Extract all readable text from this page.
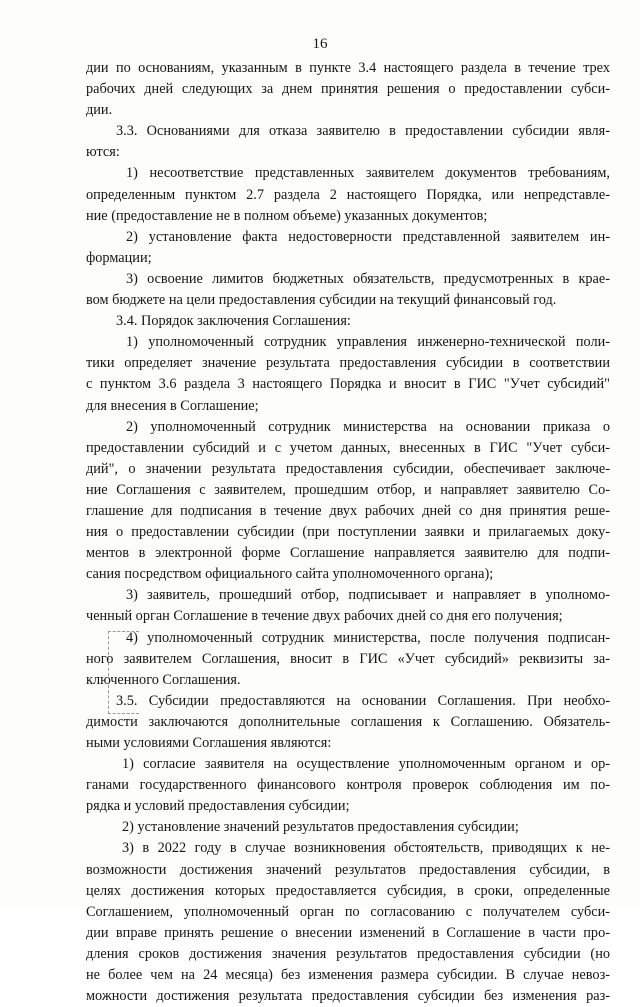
16
дии по основаниям, указанным в пункте 3.4 настоящего раздела в течение трех
рабочих дней следующих за днем принятия решения о предоставлении субси-
дии.
3.3. Основаниями для отказа заявителю в предоставлении субсидии явля-
ются:
1) несоответствие представленных заявителем документов требованиям,
определенным пунктом 2.7 раздела 2 настоящего Порядка, или непредставле-
ние (предоставление не в полном объеме) указанных документов;
2) установление факта недостоверности представленной заявителем ин-
формации;
3) освоение лимитов бюджетных обязательств, предусмотренных в крае-
вом бюджете на цели предоставления субсидии на текущий финансовый год.
3.4. Порядок заключения Соглашения:
1) уполномоченный сотрудник управления инженерно-технической поли-
тики определяет значение результата предоставления субсидии в соответствии
с пунктом 3.6 раздела 3 настоящего Порядка и вносит в ГИС "Учет субсидий"
для внесения в Соглашение;
2) уполномоченный сотрудник министерства на основании приказа о
предоставлении субсидий и с учетом данных, внесенных в ГИС "Учет субси-
дий", о значении результата предоставления субсидии, обеспечивает заключе-
ние Соглашения с заявителем, прошедшим отбор, и направляет заявителю Со-
глашение для подписания в течение двух рабочих дней со дня принятия реше-
ния о предоставлении субсидии (при поступлении заявки и прилагаемых доку-
ментов в электронной форме Соглашение направляется заявителю для подпи-
сания посредством официального сайта уполномоченного органа);
3) заявитель, прошедший отбор, подписывает и направляет в уполномо-
ченный орган Соглашение в течение двух рабочих дней со дня его получения;
4) уполномоченный сотрудник министерства, после получения подписан-
ного заявителем Соглашения, вносит в ГИС «Учет субсидий» реквизиты за-
ключенного Соглашения.
3.5. Субсидии предоставляются на основании Соглашения. При необхо-
димости заключаются дополнительные соглашения к Соглашению. Обязатель-
ными условиями Соглашения являются:
1) согласие заявителя на осуществление уполномоченным органом и ор-
ганами государственного финансового контроля проверок соблюдения им по-
рядка и условий предоставления субсидии;
2) установление значений результатов предоставления субсидии;
3) в 2022 году в случае возникновения обстоятельств, приводящих к не-
возможности достижения значений результатов предоставления субсидии, в
целях достижения которых предоставляется субсидия, в сроки, определенные
Соглашением, уполномоченный орган по согласованию с получателем субси-
дии вправе принять решение о внесении изменений в Соглашение в части про-
дления сроков достижения значения результатов предоставления субсидии (но
не более чем на 24 месяца) без изменения размера субсидии. В случае невоз-
можности достижения результата предоставления субсидии без изменения раз-
